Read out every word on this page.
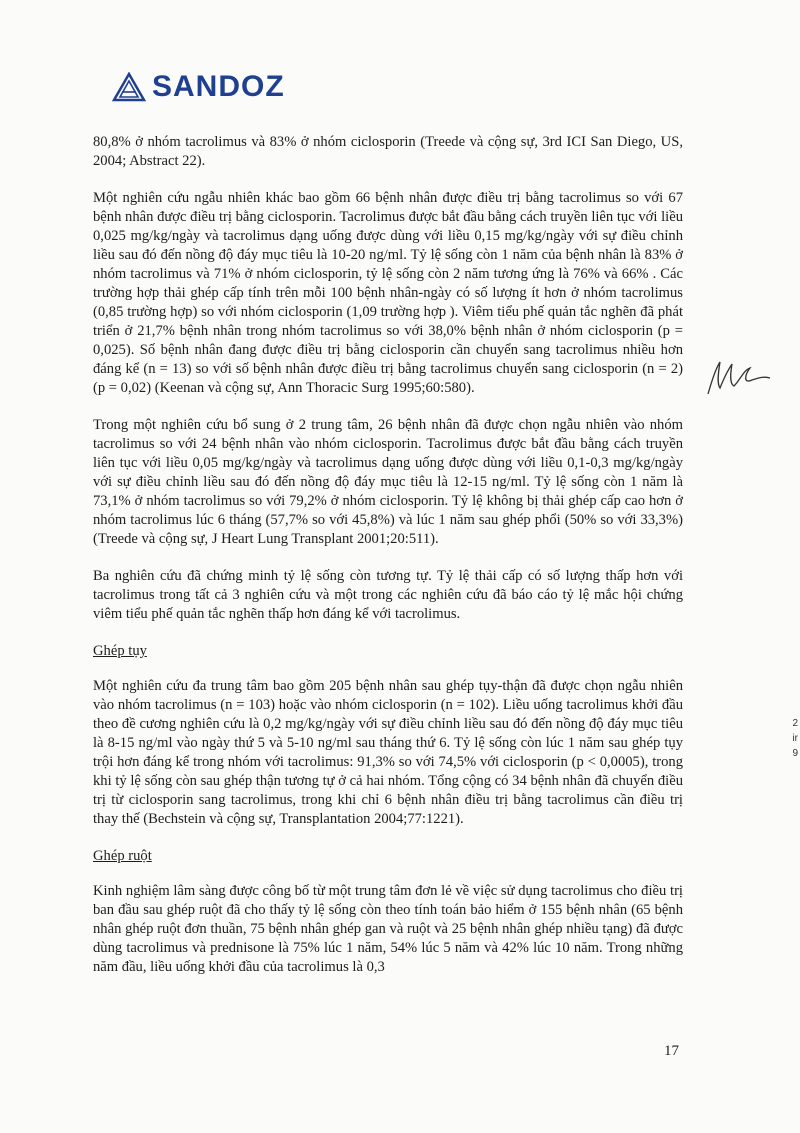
SANDOZ

80,8% ở nhóm tacrolimus và 83% ở nhóm ciclosporin (Treede và cộng sự, 3rd ICI San Diego, US, 2004; Abstract 22).

Một nghiên cứu ngẫu nhiên khác bao gồm 66 bệnh nhân được điều trị bằng tacrolimus so với 67 bệnh nhân được điều trị bằng ciclosporin. Tacrolimus được bắt đầu bằng cách truyền liên tục với liều 0,025 mg/kg/ngày và tacrolimus dạng uống được dùng với liều 0,15 mg/kg/ngày với sự điều chỉnh liều sau đó đến nồng độ đáy mục tiêu là 10-20 ng/ml. Tỷ lệ sống còn 1 năm của bệnh nhân là 83% ở nhóm tacrolimus và 71% ở nhóm ciclosporin, tỷ lệ sống còn 2 năm tương ứng là 76% và 66% . Các trường hợp thải ghép cấp tính trên mỗi 100 bệnh nhân-ngày có số lượng ít hơn ở nhóm tacrolimus (0,85 trường hợp) so với nhóm ciclosporin (1,09 trường hợp ). Viêm tiểu phế quản tắc nghẽn đã phát triển ở 21,7% bệnh nhân trong nhóm tacrolimus so với 38,0% bệnh nhân ở nhóm ciclosporin (p = 0,025). Số bệnh nhân đang được điều trị bằng ciclosporin cần chuyển sang tacrolimus nhiều hơn đáng kể (n = 13) so với số bệnh nhân được điều trị bằng tacrolimus chuyển sang ciclosporin (n = 2) (p = 0,02) (Keenan và cộng sự, Ann Thoracic Surg 1995;60:580).

Trong một nghiên cứu bổ sung ở 2 trung tâm, 26 bệnh nhân đã được chọn ngẫu nhiên vào nhóm tacrolimus so với 24 bệnh nhân vào nhóm ciclosporin. Tacrolimus được bắt đầu bằng cách truyền liên tục với liều 0,05 mg/kg/ngày và tacrolimus dạng uống được dùng với liều 0,1-0,3 mg/kg/ngày với sự điều chỉnh liều sau đó đến nồng độ đáy mục tiêu là 12-15 ng/ml. Tỷ lệ sống còn 1 năm là 73,1% ở nhóm tacrolimus so với 79,2% ở nhóm ciclosporin. Tỷ lệ không bị thải ghép cấp cao hơn ở nhóm tacrolimus lúc 6 tháng (57,7% so với 45,8%) và lúc 1 năm sau ghép phổi (50% so với 33,3%) (Treede và cộng sự, J Heart Lung Transplant 2001;20:511).

Ba nghiên cứu đã chứng minh tỷ lệ sống còn tương tự. Tỷ lệ thải cấp có số lượng thấp hơn với tacrolimus trong tất cả 3 nghiên cứu và một trong các nghiên cứu đã báo cáo tỷ lệ mắc hội chứng viêm tiểu phế quản tắc nghẽn thấp hơn đáng kể với tacrolimus.

Ghép tụy

Một nghiên cứu đa trung tâm bao gồm 205 bệnh nhân sau ghép tụy-thận đã được chọn ngẫu nhiên vào nhóm tacrolimus (n = 103) hoặc vào nhóm ciclosporin (n = 102). Liều uống tacrolimus khởi đầu theo đề cương nghiên cứu là 0,2 mg/kg/ngày với sự điều chỉnh liều sau đó đến nồng độ đáy mục tiêu là 8-15 ng/ml vào ngày thứ 5 và 5-10 ng/ml sau tháng thứ 6. Tỷ lệ sống còn lúc 1 năm sau ghép tụy trội hơn đáng kể trong nhóm với tacrolimus: 91,3% so với 74,5% với ciclosporin (p < 0,0005), trong khi tỷ lệ sống còn sau ghép thận tương tự ở cả hai nhóm. Tổng cộng có 34 bệnh nhân đã chuyển điều trị từ ciclosporin sang tacrolimus, trong khi chỉ 6 bệnh nhân điều trị bằng tacrolimus cần điều trị thay thế (Bechstein và cộng sự, Transplantation 2004;77:1221).

Ghép ruột

Kinh nghiệm lâm sàng được công bố từ một trung tâm đơn lẻ về việc sử dụng tacrolimus cho điều trị ban đầu sau ghép ruột đã cho thấy tỷ lệ sống còn theo tính toán bảo hiểm ở 155 bệnh nhân (65 bệnh nhân ghép ruột đơn thuần, 75 bệnh nhân ghép gan và ruột và 25 bệnh nhân ghép nhiều tạng) đã được dùng tacrolimus và prednisone là 75% lúc 1 năm, 54% lúc 5 năm và 42% lúc 10 năm. Trong những năm đầu, liều uống khởi đầu của tacrolimus là 0,3

2
ir
9
17
